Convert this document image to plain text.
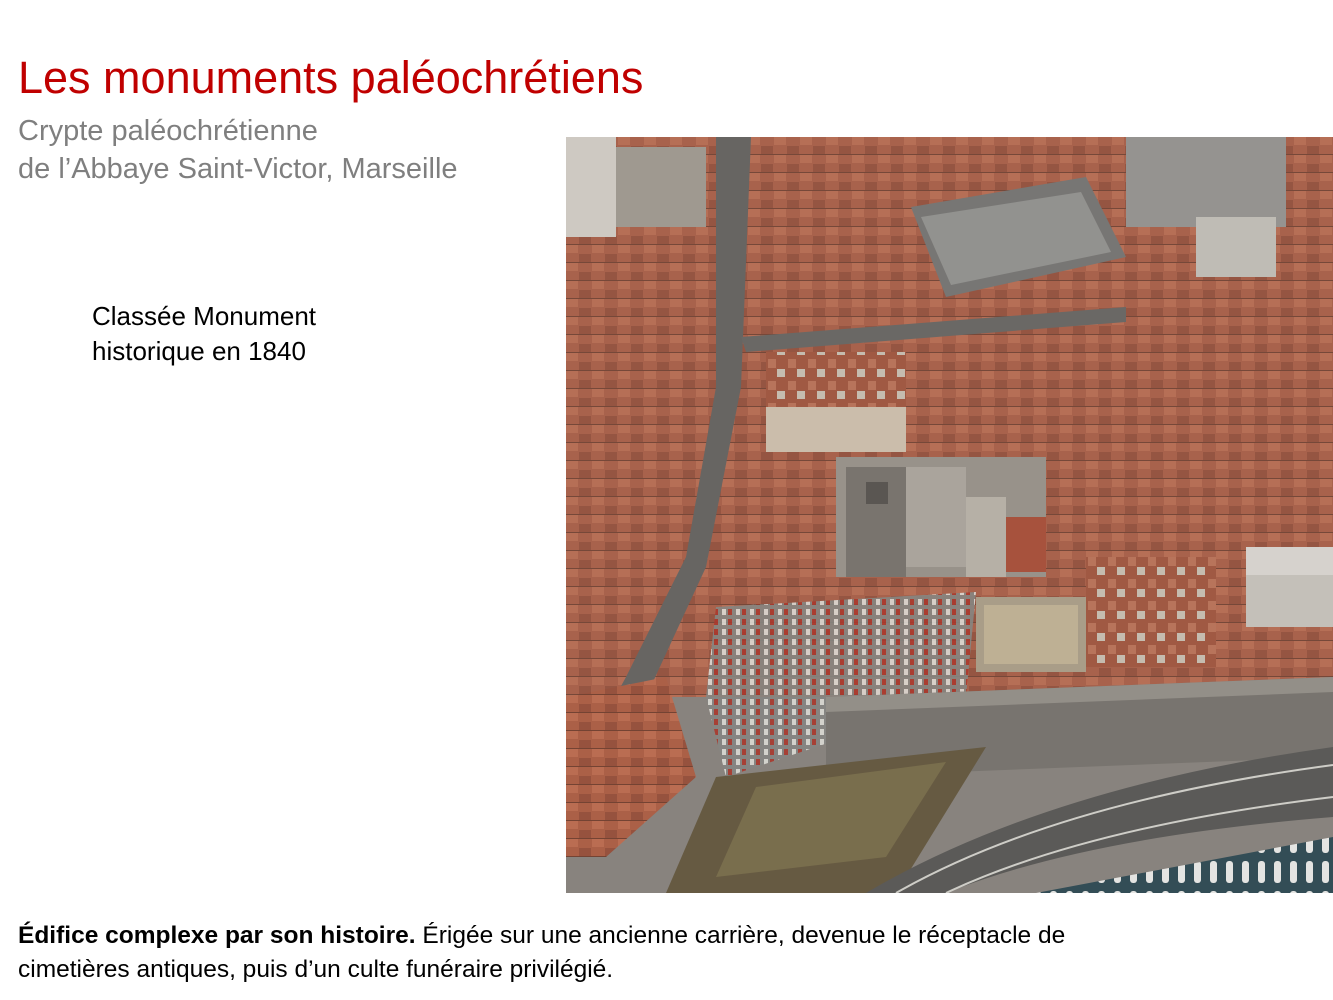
Les monuments paléochrétiens
Crypte paléochrétienne
de l’Abbaye Saint-Victor, Marseille
Classée Monument
historique en 1840
Édifice complexe par son histoire. Érigée sur une ancienne carrière, devenue le réceptacle de
cimetières antiques, puis d’un culte funéraire privilégié.
